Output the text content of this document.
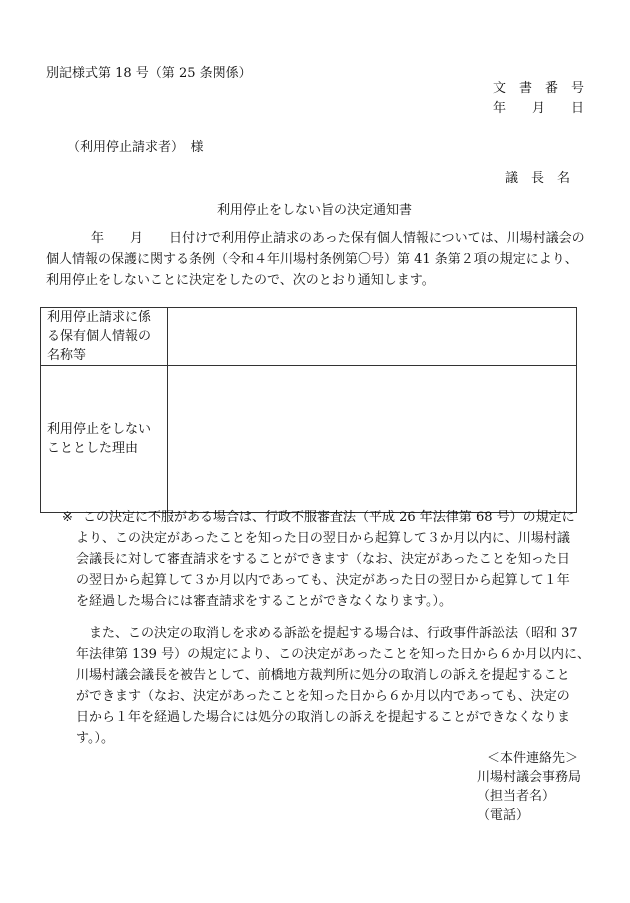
別記様式第 18 号（第 25 条関係）
文　書　番　号
年　　月　　日
（利用停止請求者）　様
議　長　名
利用停止をしない旨の決定通知書
年　　月　　日付けで利用停止請求のあった保有個人情報については、川場村議会の
個人情報の保護に関する条例（令和４年川場村条例第〇号）第 41 条第２項の規定により、
利用停止をしないことに決定をしたので、次のとおり通知します。
利用停止請求に係
る保有個人情報の
名称等	

利用停止をしない
こととした理由	

※ この決定に不服がある場合は、行政不服審査法（平成 26 年法律第 68 号）の規定に
より、この決定があったことを知った日の翌日から起算して３か月以内に、川場村議
会議長に対して審査請求をすることができます（なお、決定があったことを知った日
の翌日から起算して３か月以内であっても、決定があった日の翌日から起算して１年
を経過した場合には審査請求をすることができなくなります。）。
また、この決定の取消しを求める訴訟を提起する場合は、行政事件訴訟法（昭和 37
年法律第 139 号）の規定により、この決定があったことを知った日から６か月以内に、
川場村議会議長を被告として、前橋地方裁判所に処分の取消しの訴えを提起すること
ができます（なお、決定があったことを知った日から６か月以内であっても、決定の
日から１年を経過した場合には処分の取消しの訴えを提起することができなくなりま
す。）。
＜本件連絡先＞
川場村議会事務局
（担当者名）
（電話）
